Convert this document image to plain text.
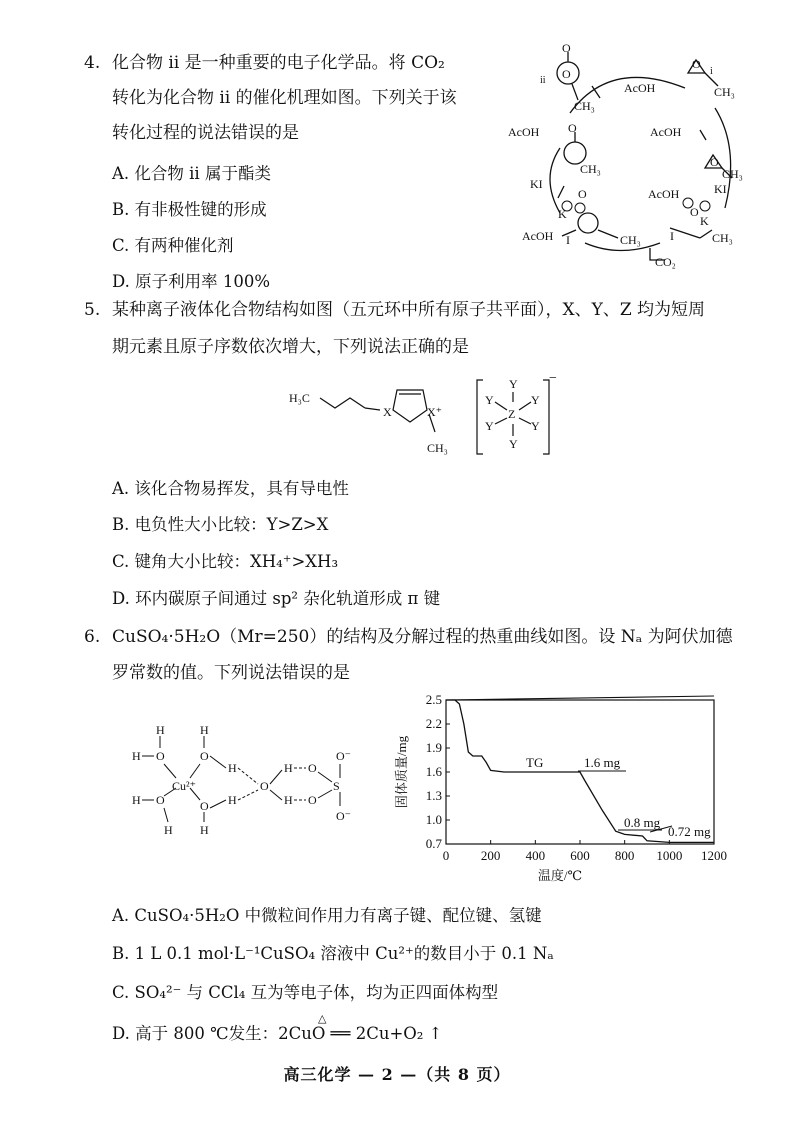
4. 化合物 ⅱ 是一种重要的电子化学品。将 CO₂
转化为化合物 ⅱ 的催化机理如图。下列关于该
转化过程的说法错误的是
A. 化合物 ⅱ 属于酯类
B. 有非极性键的形成
C. 有两种催化剂
D. 原子利用率 100%
ii
O
O
CH₃
AcOH
i
O
CH₃
AcOH O
CH₃
AcOH
O
CH₃
KI	KI
AcOH
O
K	O
K
AcOH I	CH₃ I	CH₃
CO₂
5. 某种离子液体化合物结构如图（五元环中所有原子共平面），X、Y、Z 均为短周
期元素且原子序数依次增大，下列说法正确的是
H₃C
X	X⁺
CH₃
Y
Y	Y
Z
Y	Y
Y
−
A. 该化合物易挥发，具有导电性
B. 电负性大小比较：Y>Z>X
C. 键角大小比较：XH₄⁺>XH₃
D. 环内碳原子间通过 sp² 杂化轨道形成 π 键
6. CuSO₄·5H₂O（Mr=250）的结构及分解过程的热重曲线如图。设 Nₐ 为阿伏加德
罗常数的值。下列说法错误的是
H	H
H O	O
Cu²⁺
H O	O
H H
H
H
O
H
H
O
O
S
O⁻
O⁻
0 200 400 600 800 1000 1200
0.7
1.0
1.3
1.6
1.9
2.2
2.5
TG	1.6 mg
0.8 mg
0.72 mg
温度/℃
固体质量/mg
A. CuSO₄·5H₂O 中微粒间作用力有离子键、配位键、氢键
B. 1 L 0.1 mol·L⁻¹CuSO₄ 溶液中 Cu²⁺的数目小于 0.1 Nₐ
C. SO₄²⁻ 与 CCl₄ 互为等电子体，均为正四面体构型
D. 高于 800 ℃发生：2CuO ══ 2Cu+O₂ ↑
△
高三化学 — 2 —（共 8 页）
